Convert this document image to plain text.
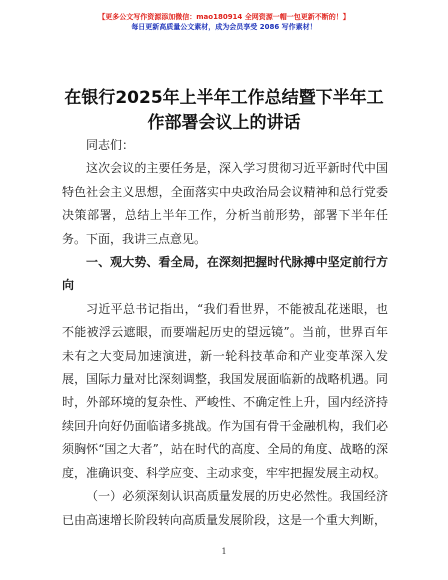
【更多公文写作资源添加微信：mao180914 全网资源一帽一包更新不断的！】
每日更新高质量公文素材，成为会员享受 2086 写作素材！
在银行2025年上半年工作总结暨下半年工作部署会议上的讲话

同志们：

这次会议的主要任务是，深入学习贯彻习近平新时代中国特色社会主义思想，全面落实中央政治局会议精神和总行党委决策部署，总结上半年工作，分析当前形势，部署下半年任务。下面，我讲三点意见。

一、观大势、看全局，在深刻把握时代脉搏中坚定前行方向

习近平总书记指出，“我们看世界，不能被乱花迷眼，也不能被浮云遮眼，而要端起历史的望远镜”。当前，世界百年未有之大变局加速演进，新一轮科技革命和产业变革深入发展，国际力量对比深刻调整，我国发展面临新的战略机遇。同时，外部环境的复杂性、严峻性、不确定性上升，国内经济持续回升向好仍面临诸多挑战。作为国有骨干金融机构，我们必须胸怀“国之大者”，站在时代的高度、全局的角度、战略的深度，准确识变、科学应变、主动求变，牢牢把握发展主动权。

（一）必须深刻认识高质量发展的历史必然性。我国经济已由高速增长阶段转向高质量发展阶段，这是一个重大判断，

1
